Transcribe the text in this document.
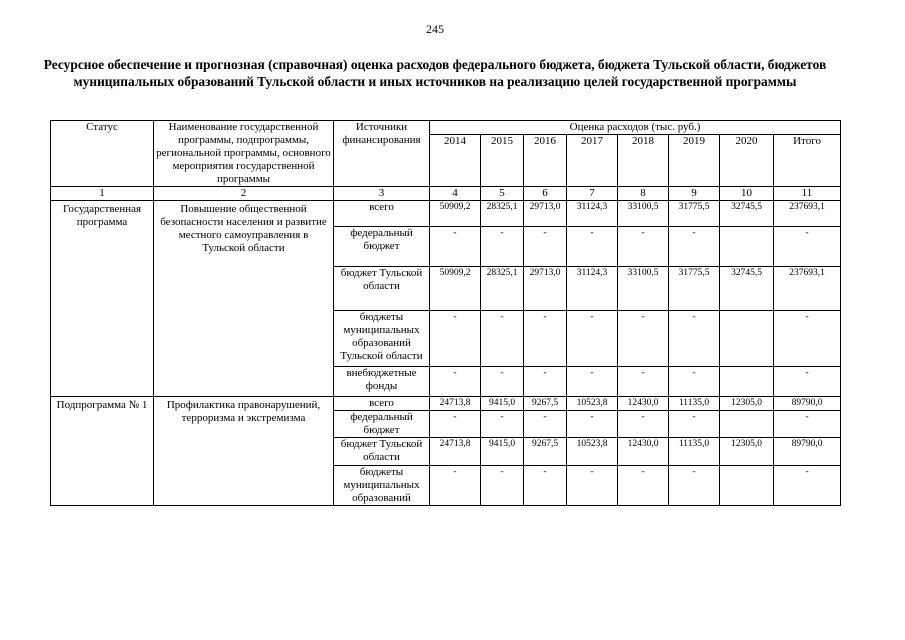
245
Ресурсное обеспечение и прогнозная (справочная) оценка расходов федерального бюджета, бюджета Тульской области, бюджетов муниципальных образований Тульской области и иных источников на реализацию целей государственной программы
Статус	Наименование государственной программы, подпрограммы, региональной программы, основного мероприятия государственной программы	Источники финансирования	Оценка расходов (тыс. руб.)							
			2014	2015	2016	2017	2018	2019	2020	Итого
1	2	3	4	5	6	7	8	9	10	11
Государственная программа	Повышение общественной безопасности населения и развитие местного самоуправления в Тульской области	всего	50909,2	28325,1	29713,0	31124,3	33100,5	31775,5	32745,5	237693,1
		федеральный бюджет	-	-	-	-	-	-		-
		бюджет Тульской области	50909,2	28325,1	29713,0	31124,3	33100,5	31775,5	32745,5	237693,1
		бюджеты муниципальных образований Тульской области	-	-	-	-	-	-		-
		внебюджетные фонды	-	-	-	-	-	-		-
Подпрограмма № 1	Профилактика правонарушений, терроризма и экстремизма	всего	24713,8	9415,0	9267,5	10523,8	12430,0	11135,0	12305,0	89790,0
		федеральный бюджет	-	-	-	-	-	-		-
		бюджет Тульской области	24713,8	9415,0	9267,5	10523,8	12430,0	11135,0	12305,0	89790,0
		бюджеты муниципальных образований	-	-	-	-	-	-		-
